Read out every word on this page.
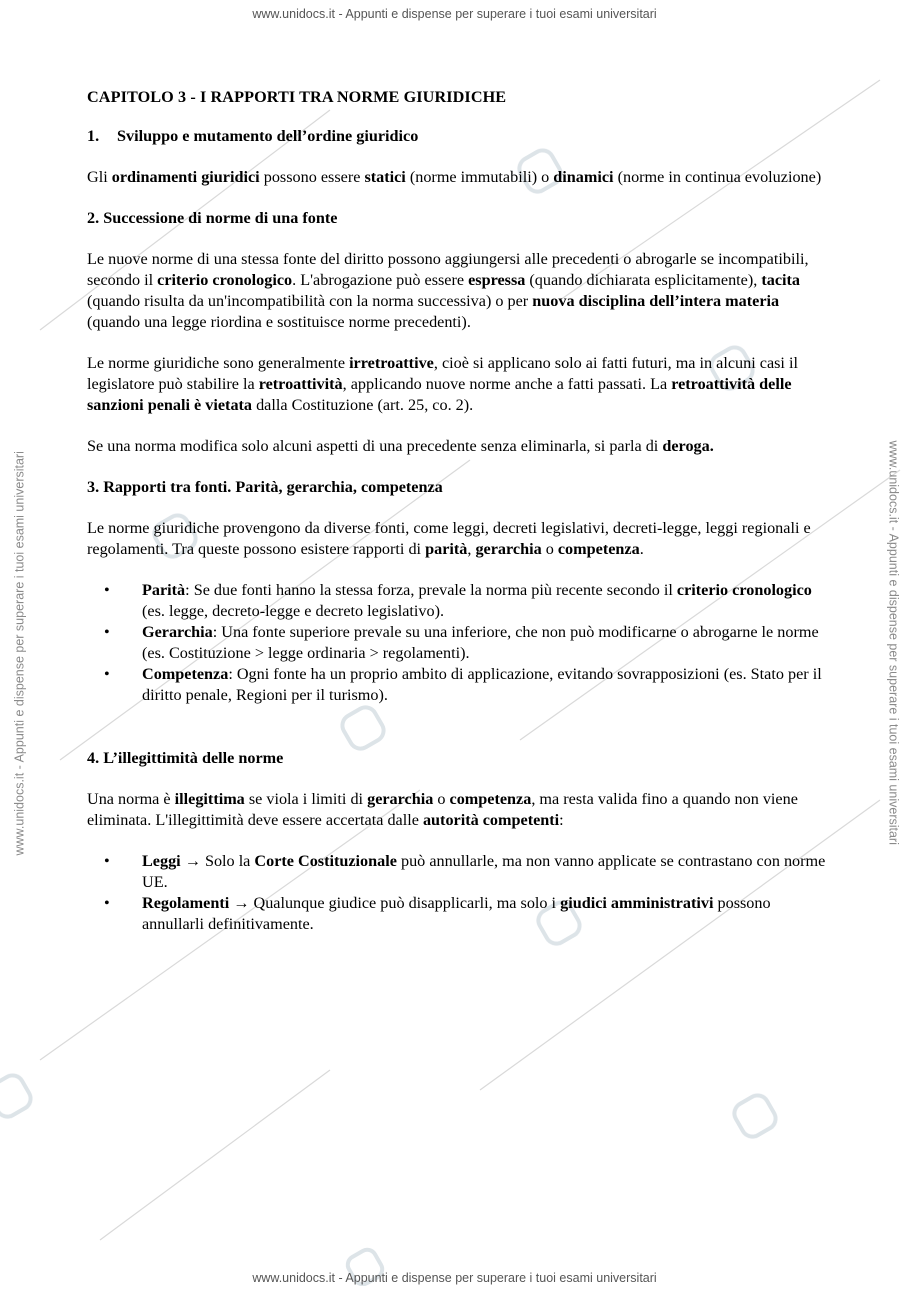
www.unidocs.it - Appunti e dispense per superare i tuoi esami universitari
www.unidocs.it - Appunti e dispense per superare i tuoi esami universitari
www.unidocs.it - Appunti e dispense per superare i tuoi esami universitari	www.unidocs.it - Appunti e dispense per superare i tuoi esami universitari
CAPITOLO 3 - I RAPPORTI TRA NORME GIURIDICHE
1. Sviluppo e mutamento dell’ordine giuridico

Gli ordinamenti giuridici possono essere statici (norme immutabili) o dinamici (norme in continua evoluzione)

2. Successione di norme di una fonte

Le nuove norme di una stessa fonte del diritto possono aggiungersi alle precedenti o abrogarle se incompatibili, secondo il criterio cronologico. L'abrogazione può essere espressa (quando dichiarata esplicitamente), tacita (quando risulta da un'incompatibilità con la norma successiva) o per nuova disciplina dell’intera materia (quando una legge riordina e sostituisce norme precedenti).

Le norme giuridiche sono generalmente irretroattive, cioè si applicano solo ai fatti futuri, ma in alcuni casi il legislatore può stabilire la retroattività, applicando nuove norme anche a fatti passati. La retroattività delle sanzioni penali è vietata dalla Costituzione (art. 25, co. 2).

Se una norma modifica solo alcuni aspetti di una precedente senza eliminarla, si parla di deroga.

3. Rapporti tra fonti. Parità, gerarchia, competenza

Le norme giuridiche provengono da diverse fonti, come leggi, decreti legislativi, decreti-legge, leggi regionali e regolamenti. Tra queste possono esistere rapporti di parità, gerarchia o competenza.

• Parità: Se due fonti hanno la stessa forza, prevale la norma più recente secondo il criterio cronologico (es. legge, decreto-legge e decreto legislativo).
• Gerarchia: Una fonte superiore prevale su una inferiore, che non può modificarne o abrogarne le norme (es. Costituzione > legge ordinaria > regolamenti).
• Competenza: Ogni fonte ha un proprio ambito di applicazione, evitando sovrapposizioni (es. Stato per il diritto penale, Regioni per il turismo).
4. L’illegittimità delle norme

Una norma è illegittima se viola i limiti di gerarchia o competenza, ma resta valida fino a quando non viene eliminata. L'illegittimità deve essere accertata dalle autorità competenti:

• Leggi → Solo la Corte Costituzionale può annullarle, ma non vanno applicate se contrastano con norme UE.
• Regolamenti → Qualunque giudice può disapplicarli, ma solo i giudici amministrativi possono annullarli definitivamente.
